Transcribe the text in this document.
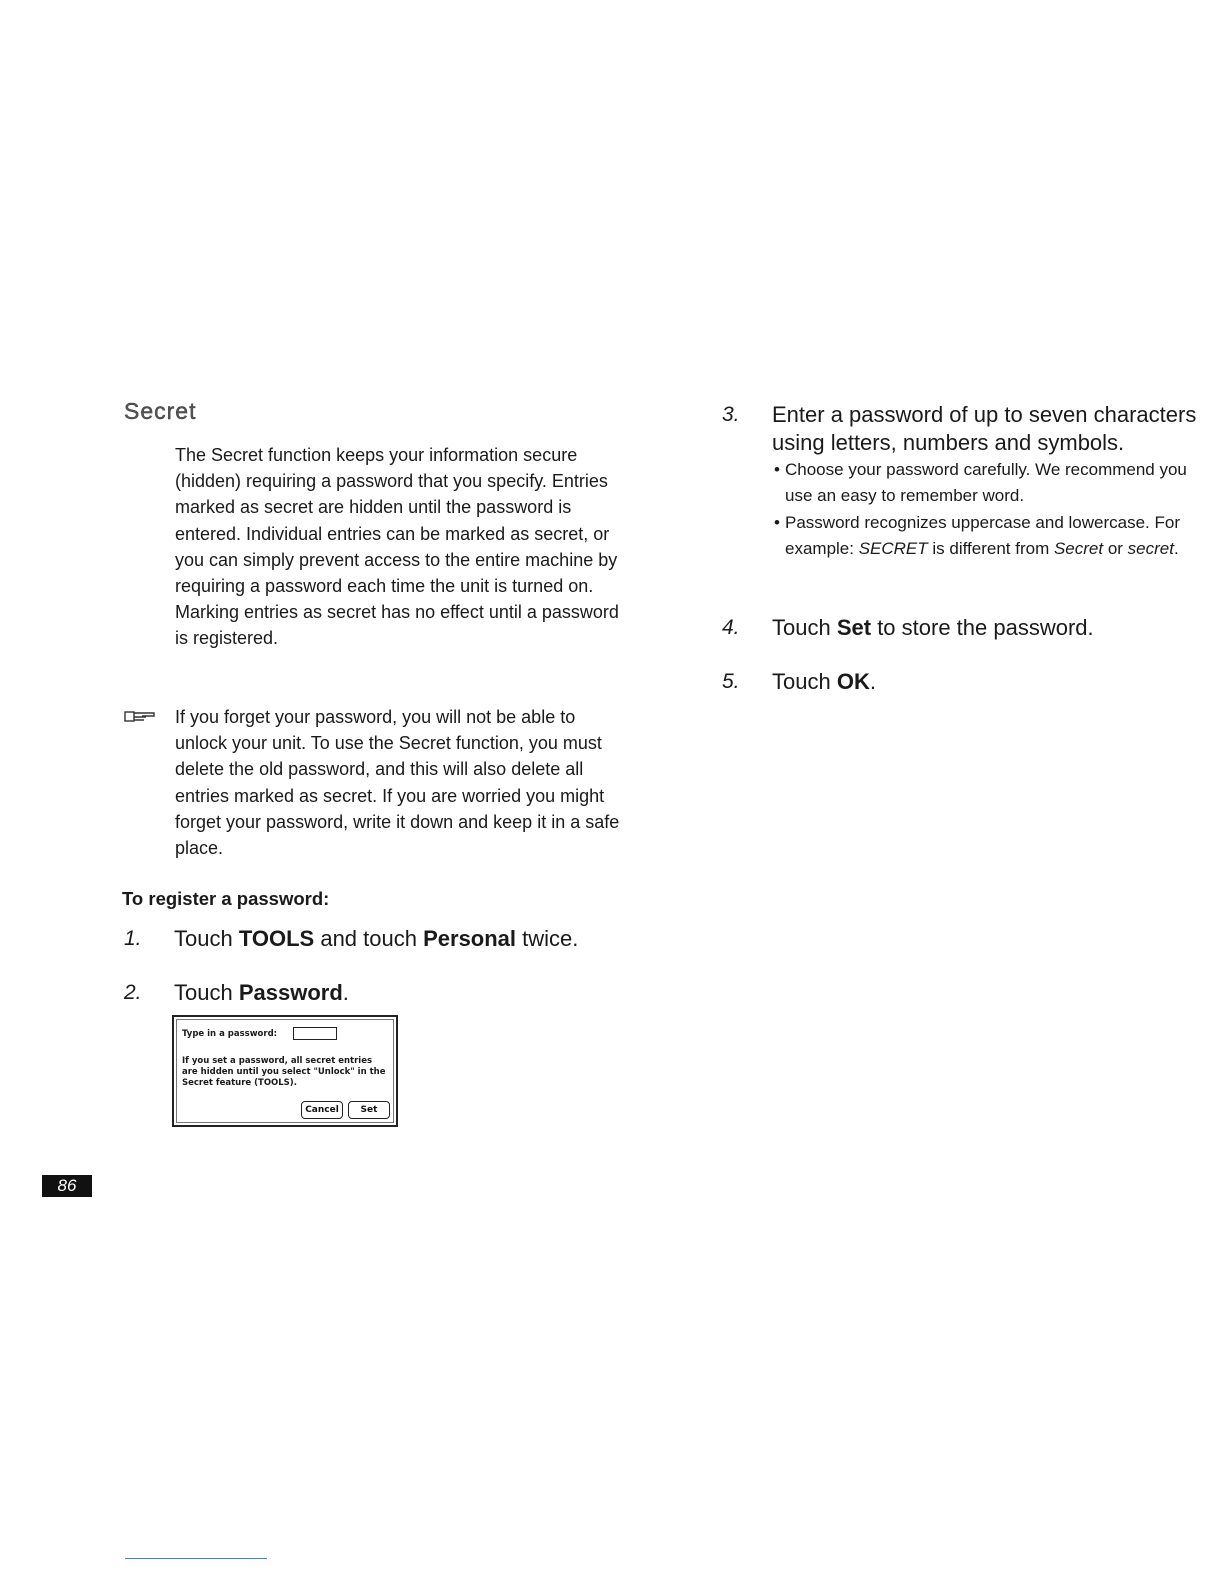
Secret

The Secret function keeps your information secure (hidden) requiring a password that you specify. Entries marked as secret are hidden until the password is entered. Individual entries can be marked as secret, or you can simply prevent access to the entire machine by requiring a password each time the unit is turned on. Marking entries as secret has no effect until a password is registered.

If you forget your password, you will not be able to unlock your unit. To use the Secret function, you must delete the old password, and this will also delete all entries marked as secret. If you are worried you might forget your password, write it down and keep it in a safe place.

To register a password:

1. Touch TOOLS and touch Personal twice.
2. Touch Password.
Type in a password:

If you set a password, all secret entries are hidden until you select "Unlock" in the Secret feature (TOOLS).

Cancel	Set
3. Enter a password of up to seven characters using letters, numbers and symbols.
• Choose your password carefully. We recommend you use an easy to remember word.
• Password recognizes uppercase and lowercase. For example: SECRET is different from Secret or secret.
4. Touch Set to store the password.
5. Touch OK.
86
